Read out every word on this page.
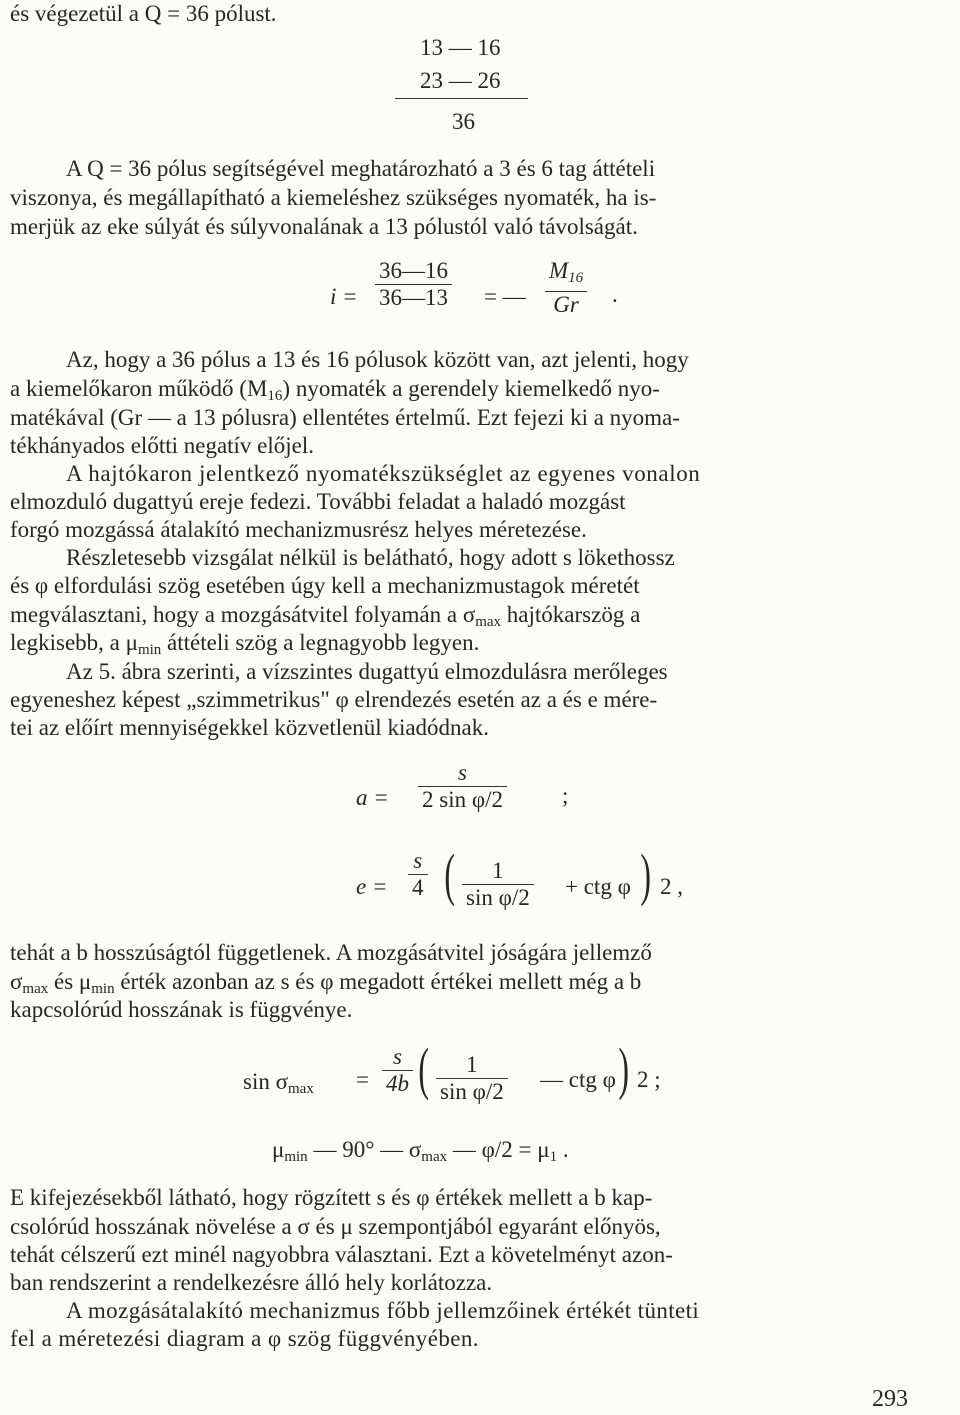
és végezetül a Q = 36 pólust.
13 — 16
23 — 26
36
A Q = 36 pólus segítségével meghatározható a 3 és 6 tag áttételi
viszonya, és megállapítható a kiemeléshez szükséges nyomaték, ha is-
merjük az eke súlyát és súlyvonalának a 13 pólustól való távolságát.
i =
36—16
36—13 = —
$M_{16}$
Gr .
Az, hogy a 36 pólus a 13 és 16 pólusok között van, azt jelenti, hogy
a kiemelőkaron működő $(M_{16})$ nyomaték a gerendely kiemelkedő nyo-
matékával (Gr — a 13 pólusra) ellentétes értelmű. Ezt fejezi ki a nyoma-
tékhányados előtti negatív előjel.
A hajtókaron jelentkező nyomatékszükséglet az egyenes vonalon
elmozduló dugattyú ereje fedezi. További feladat a haladó mozgást
forgó mozgássá átalakító mechanizmusrész helyes méretezése.
Részletesebb vizsgálat nélkül is belátható, hogy adott s lökethossz
és φ elfordulási szög esetében úgy kell a mechanizmustagok méretét
megválasztani, hogy a mozgásátvitel folyamán a $\sigma_{max}$ hajtókarszög a
legkisebb, a $\mu_{min}$ áttételi szög a legnagyobb legyen.
Az 5. ábra szerinti, a vízszintes dugattyú elmozdulásra merőleges
egyeneshez képest „szimmetrikus" φ elrendezés esetén az a és e mére-
tei az előírt mennyiségekkel közvetlenül kiadódnak.
a =
s
2 sin φ/2	;
e =
s
4 ( 1
sin φ/2 + ctg φ ) 2 ,
tehát a b hosszúságtól függetlenek. A mozgásátvitel jóságára jellemző
$\sigma_{max}$ és $\mu_{min}$ érték azonban az s és φ megadott értékei mellett még a b
kapcsolórúd hosszának is függvénye.
$\sin \sigma_{max}$ =
s
4b ( 1
sin φ/2 — ctg φ ) 2 ;
$\mu_{min}$ — 90° — $\sigma_{max}$ — $\varphi/2 = \mu_1$ .
E kifejezésekből látható, hogy rögzített s és φ értékek mellett a b kap-
csolórúd hosszának növelése a σ és μ szempontjából egyaránt előnyös,
tehát célszerű ezt minél nagyobbra választani. Ezt a követelményt azon-
ban rendszerint a rendelkezésre álló hely korlátozza.
A mozgásátalakító mechanizmus főbb jellemzőinek értékét tünteti
fel a méretezési diagram a φ szög függvényében.
293
